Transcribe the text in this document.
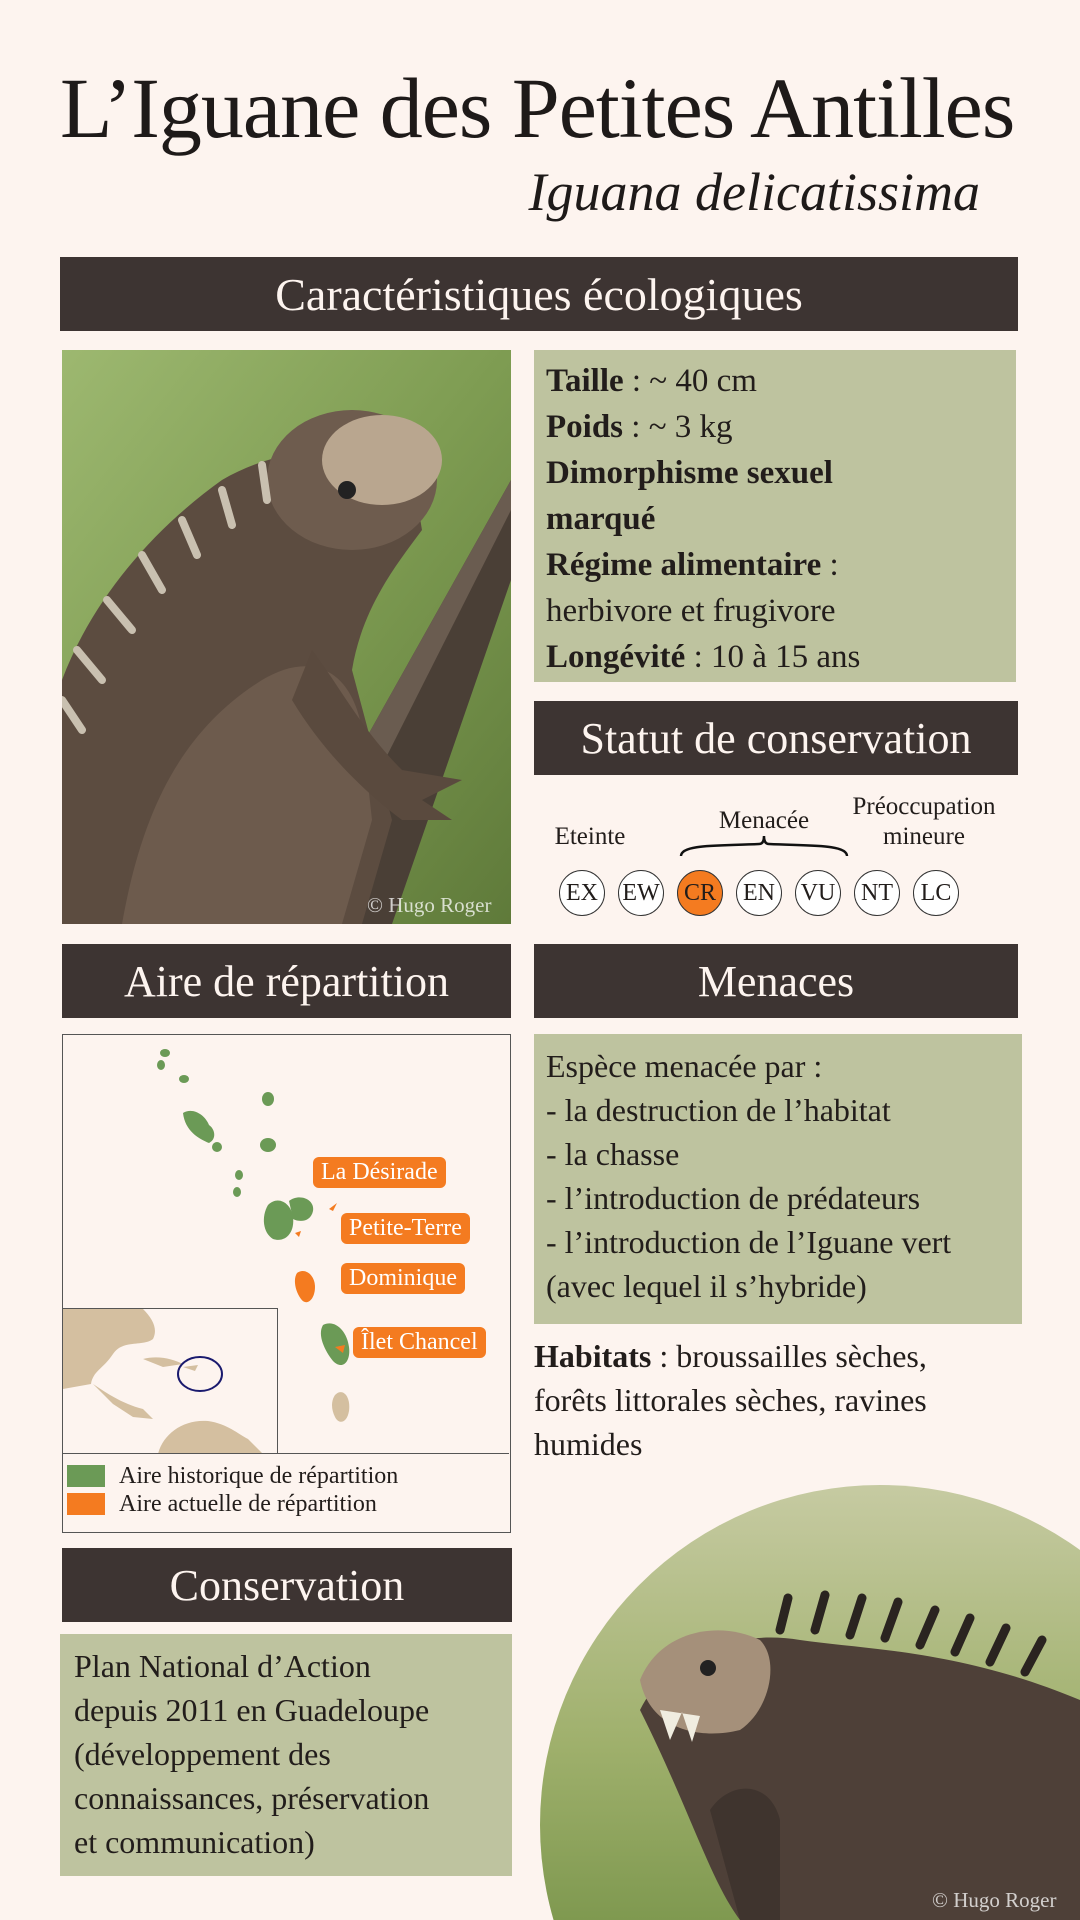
L’Iguane des Petites Antilles
Iguana delicatissima
Caractéristiques écologiques
© Hugo Roger
Taille : ~ 40 cm
Poids : ~ 3 kg
Dimorphisme sexuel
marqué
Régime alimentaire :
herbivore et frugivore
Longévité : 10 à 15 ans
Statut de conservation
Eteinte
Menacée
Préoccupation
mineure
EX EW CR EN VU NT LC
Aire de répartition	Menaces
La Désirade
Petite-Terre
Dominique
Îlet Chancel
Aire historique de répartition
Aire actuelle de répartition
Espèce menacée par :
- la destruction de l’habitat
- la chasse
- l’introduction de prédateurs
- l’introduction de l’Iguane vert
(avec lequel il s’hybride)
Habitats : broussailles sèches,
forêts littorales sèches, ravines
humides
Conservation
Plan National d’Action
depuis 2011 en Guadeloupe
(développement des
connaissances, préservation
et communication)
© Hugo Roger
